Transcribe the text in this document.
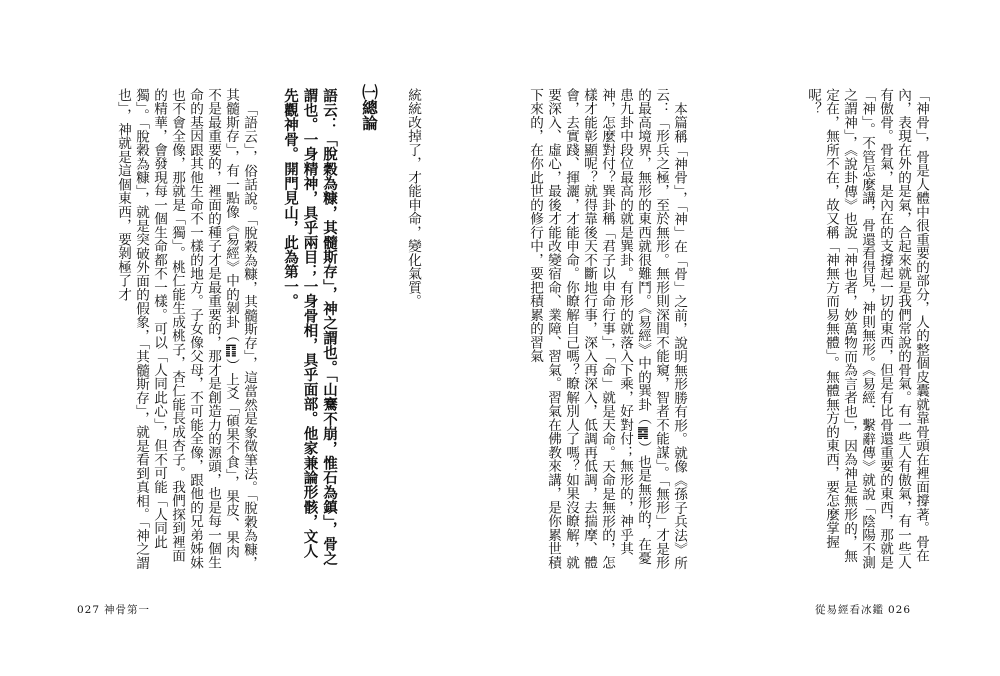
「神骨」，骨是人體中很重要的部分，人的整個皮囊就靠骨頭在裡面撐著。骨在內，表現在外的是氣，合起來就是我們常說的骨氣。有一些人有傲氣，有一些人有傲骨。骨氣，是內在的支撐起一切的東西，但是有比骨還重要的東西，那就是「神」。不管怎麼講，骨還看得見，神則無形。《易經．繫辭傳》就說「陰陽不測之謂神」，《說卦傳》也說「神也者，妙萬物而為言者也」，因為神是無形的，無定在，無所不在，故又稱「神無方而易無體」。無體無方的東西，要怎麼掌握呢？

本篇稱「神骨」，「神」在「骨」之前，說明無形勝有形。就像《孫子兵法》所云：「形兵之極，至於無形。無形則深間不能窺，智者不能謀」。「無形」才是形的最高境界，無形的東西就很難鬥。《易經》中的巽卦（䷸）也是無形的，在憂患九卦中段位最高的就是巽卦。有形的就落入下乘，好對付；無形的，神乎其神，怎麼對付？巽卦稱「君子以申命行事」，「命」就是天命。天命是無形的，怎樣才能彰顯呢？就得靠後天不斷地行事，深入再深入，低調再低調，去揣摩、體會，去實踐、揮灑，才能申命。你瞭解自己嗎？瞭解別人了嗎？如果沒瞭解，就要深入、虛心，最後才能改變宿命、業障、習氣。習氣在佛教來講，是你累世積下來的，在你此世的修行中，要把積累的習氣

從易經看冰鑑 026

統統改掉了，才能申命，變化氣質。

㈠總論

語云：「脫穀為糠，其髓斯存」，神之謂也。「山騫不崩，惟石為鎮」，骨之謂也。一身精神，具乎兩目；一身骨相，具乎面部。他家兼論形骸，文人先觀神骨。開門見山，此為第一。

「語云」，俗話說。「脫穀為糠，其髓斯存」，這當然是象徵筆法。「脫穀為糠，其髓斯存」，有一點像《易經》中的剝卦（䷖）上爻「碩果不食」，果皮、果肉不是最重要的，裡面的種子才是最重要的，那才是創造力的源頭，也是每一個生命的基因跟其他生命不一樣的地方。子女像父母，不可能全像，跟他的兄弟姊妹也不會全像，那就是「獨」。桃仁能生成桃子，杏仁能長成杏子。我們探到裡面的精華，會發現每一個生命都不一樣。可以「人同此心」，但不可能「人同此獨」。「脫穀為糠」，就是突破外面的假象，「其髓斯存」，就是看到真相。「神之謂也」，神就是這個東西，要剝極了才

027 神骨第一
